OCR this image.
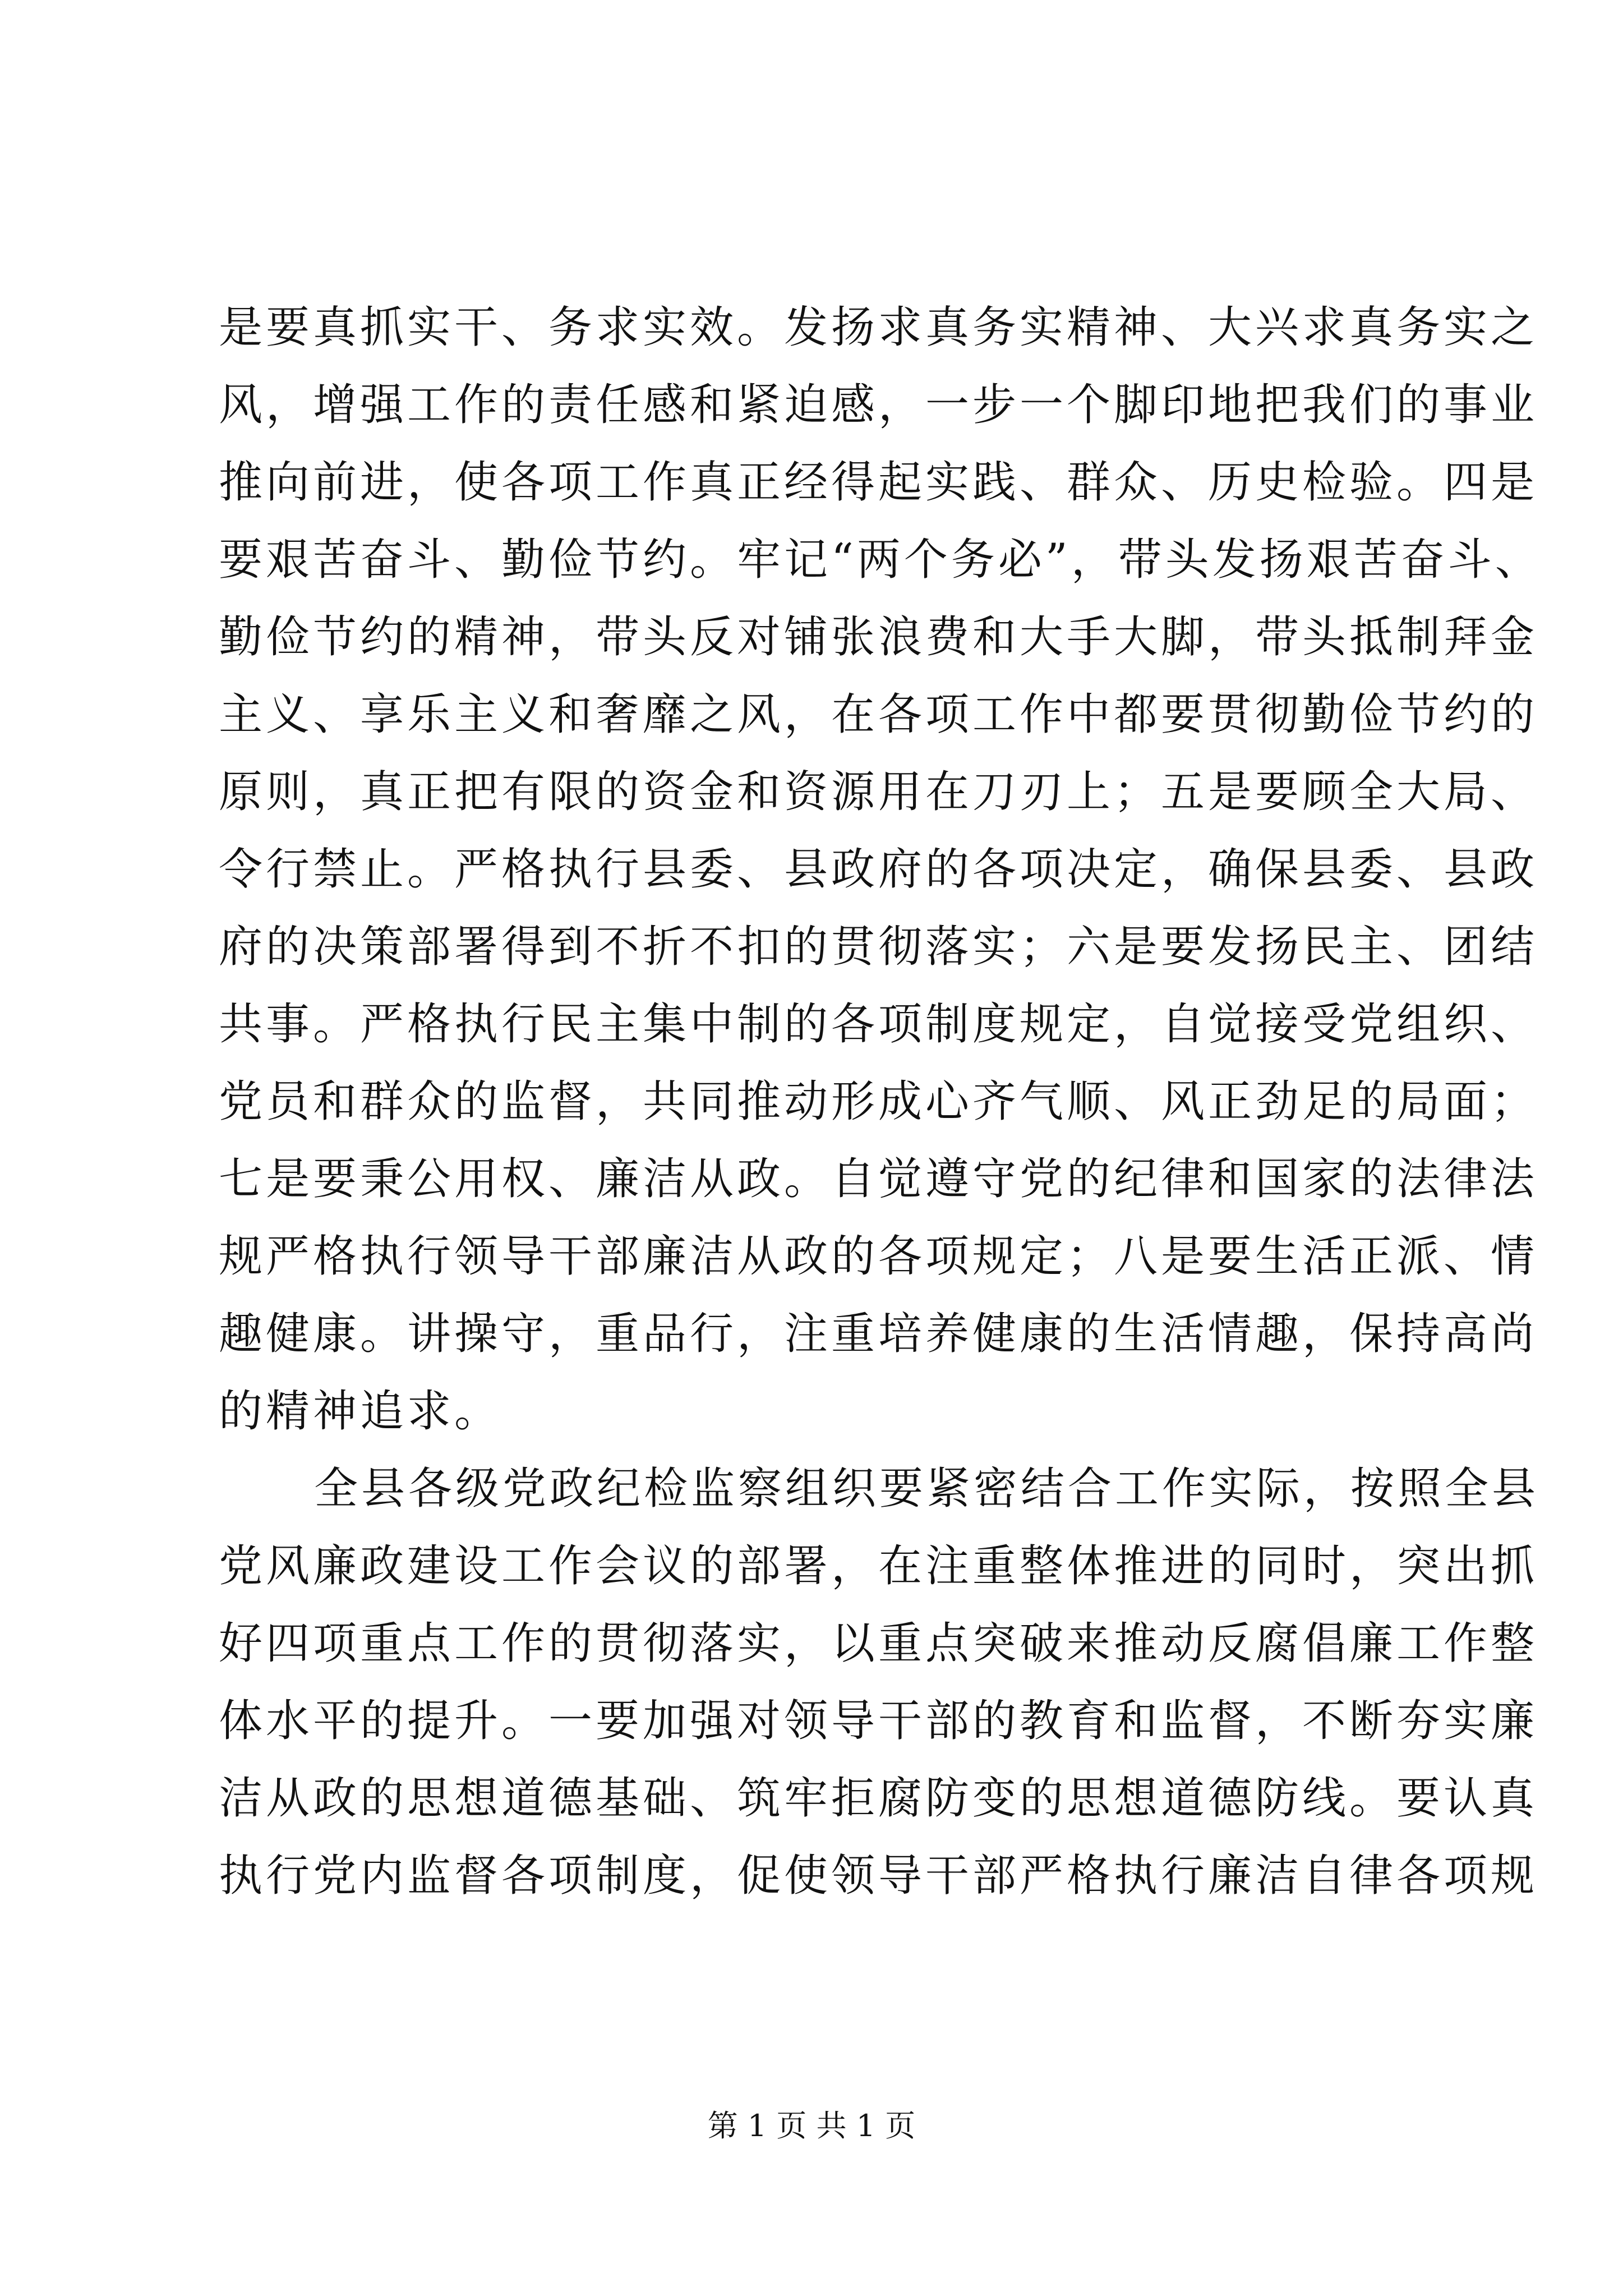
是要真抓实干、务求实效。发扬求真务实精神、大兴求真务实之
风，增强工作的责任感和紧迫感，一步一个脚印地把我们的事业
推向前进，使各项工作真正经得起实践、群众、历史检验。四是
要艰苦奋斗、勤俭节约。牢记“两个务必”，带头发扬艰苦奋斗、
勤俭节约的精神，带头反对铺张浪费和大手大脚，带头抵制拜金
主义、享乐主义和奢靡之风，在各项工作中都要贯彻勤俭节约的
原则，真正把有限的资金和资源用在刀刃上；五是要顾全大局、
令行禁止。严格执行县委、县政府的各项决定，确保县委、县政
府的决策部署得到不折不扣的贯彻落实；六是要发扬民主、团结
共事。严格执行民主集中制的各项制度规定，自觉接受党组织、
党员和群众的监督，共同推动形成心齐气顺、风正劲足的局面；
七是要秉公用权、廉洁从政。自觉遵守党的纪律和国家的法律法
规严格执行领导干部廉洁从政的各项规定；八是要生活正派、情
趣健康。讲操守，重品行，注重培养健康的生活情趣，保持高尚
的精神追求。
全县各级党政纪检监察组织要紧密结合工作实际，按照全县
党风廉政建设工作会议的部署，在注重整体推进的同时，突出抓
好四项重点工作的贯彻落实，以重点突破来推动反腐倡廉工作整
体水平的提升。一要加强对领导干部的教育和监督，不断夯实廉
洁从政的思想道德基础、筑牢拒腐防变的思想道德防线。要认真
执行党内监督各项制度，促使领导干部严格执行廉洁自律各项规
第 1 页 共 1 页
